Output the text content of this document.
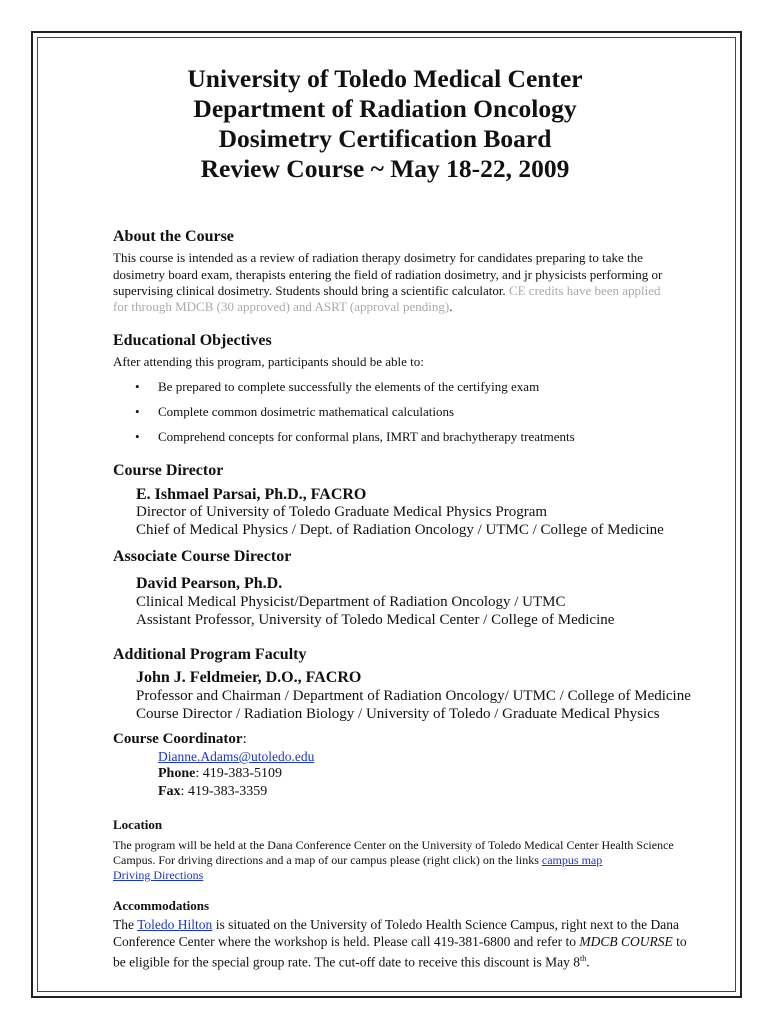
University of Toledo Medical Center
Department of Radiation Oncology
Dosimetry Certification Board
Review Course ~ May 18-22, 2009
About the Course
This course is intended as a review of radiation therapy dosimetry for candidates preparing to take the
dosimetry board exam, therapists entering the field of radiation dosimetry, and jr physicists performing or
supervising clinical dosimetry. Students should bring a scientific calculator. CE credits have been applied
for through MDCB (30 approved) and ASRT (approval pending).
Educational Objectives
After attending this program, participants should be able to:
• Be prepared to complete successfully the elements of the certifying exam
• Complete common dosimetric mathematical calculations
• Comprehend concepts for conformal plans, IMRT and brachytherapy treatments
Course Director
E. Ishmael Parsai, Ph.D., FACRO
Director of University of Toledo Graduate Medical Physics Program
Chief of Medical Physics / Dept. of Radiation Oncology / UTMC / College of Medicine
Associate Course Director
David Pearson, Ph.D.
Clinical Medical Physicist/Department of Radiation Oncology / UTMC
Assistant Professor, University of Toledo Medical Center / College of Medicine
Additional Program Faculty
John J. Feldmeier, D.O., FACRO
Professor and Chairman / Department of Radiation Oncology/ UTMC / College of Medicine
Course Director / Radiation Biology / University of Toledo / Graduate Medical Physics
Course Coordinator:
Dianne.Adams@utoledo.edu
Phone: 419-383-5109
Fax: 419-383-3359
Location
The program will be held at the Dana Conference Center on the University of Toledo Medical Center Health Science
Campus. For driving directions and a map of our campus please (right click) on the links campus map
Driving Directions
Accommodations
The Toledo Hilton is situated on the University of Toledo Health Science Campus, right next to the Dana
Conference Center where the workshop is held. Please call 419-381-6800 and refer to MDCB COURSE to
be eligible for the special group rate. The cut-off date to receive this discount is May 8th.
